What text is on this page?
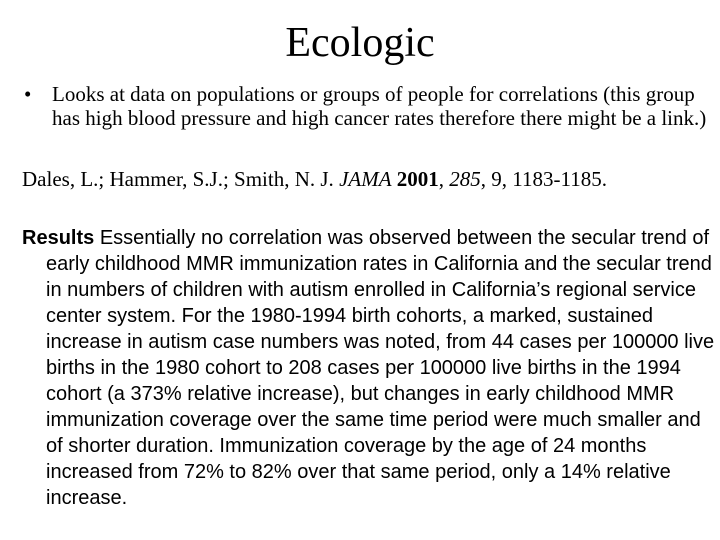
Ecologic
• Looks at data on populations or groups of people for correlations (this group has high blood pressure and high cancer rates therefore there might be a link.)
Dales, L.; Hammer, S.J.; Smith, N. J. JAMA 2001, 285, 9, 1183-1185.
Results Essentially no correlation was observed between the secular trend of early childhood MMR immunization rates in California and the secular trend in numbers of children with autism enrolled in California’s regional service center system. For the 1980-1994 birth cohorts, a marked, sustained increase in autism case numbers was noted, from 44 cases per 100000 live births in the 1980 cohort to 208 cases per 100000 live births in the 1994 cohort (a 373% relative increase), but changes in early childhood MMR immunization coverage over the same time period were much smaller and of shorter duration. Immunization coverage by the age of 24 months increased from 72% to 82% over that same period, only a 14% relative increase.
